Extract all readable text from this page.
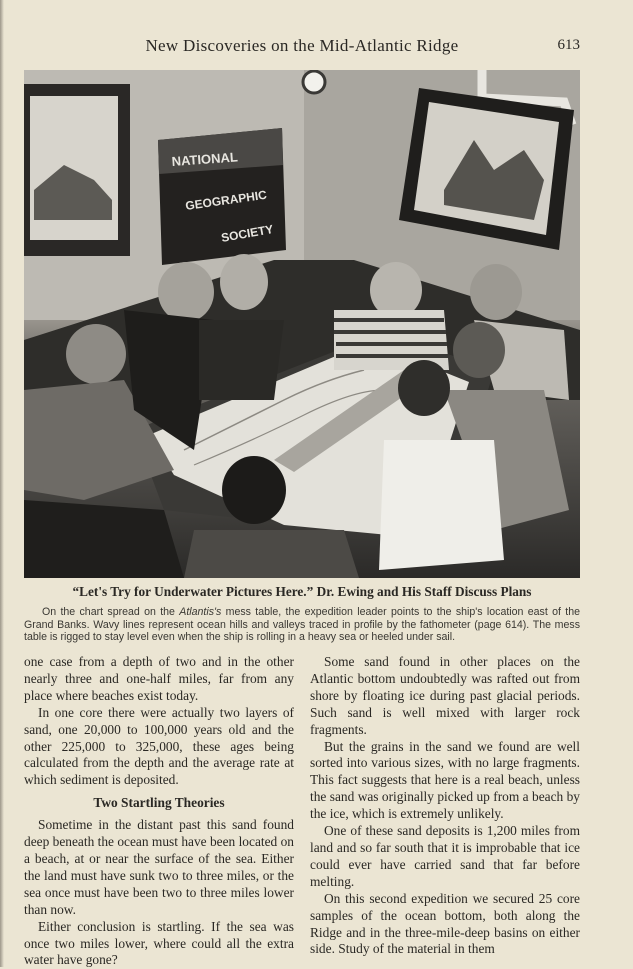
New Discoveries on the Mid-Atlantic Ridge	613
NATIONAL
GEOGRAPHIC
SOCIETY

“Let's Try for Underwater Pictures Here.” Dr. Ewing and His Staff Discuss Plans

On the chart spread on the Atlantis's mess table, the expedition leader points to the ship's location east of the Grand Banks. Wavy lines represent ocean hills and valleys traced in profile by the fathometer (page 614). The mess table is rigged to stay level even when the ship is rolling in a heavy sea or heeled under sail.

one case from a depth of two and in the other nearly three and one-half miles, far from any place where beaches exist today.

In one core there were actually two layers of sand, one 20,000 to 100,000 years old and the other 225,000 to 325,000, these ages being calculated from the depth and the average rate at which sediment is deposited.

Two Startling Theories

Sometime in the distant past this sand found deep beneath the ocean must have been located on a beach, at or near the surface of the sea. Either the land must have sunk two to three miles, or the sea once must have been two to three miles lower than now.

Either conclusion is startling. If the sea was once two miles lower, where could all the extra water have gone?

Some sand found in other places on the Atlantic bottom undoubtedly was rafted out from shore by floating ice during past glacial periods. Such sand is well mixed with larger rock fragments.

But the grains in the sand we found are well sorted into various sizes, with no large fragments. This fact suggests that here is a real beach, unless the sand was originally picked up from a beach by the ice, which is extremely unlikely.

One of these sand deposits is 1,200 miles from land and so far south that it is improbable that ice could ever have carried sand that far before melting.

On this second expedition we secured 25 core samples of the ocean bottom, both along the Ridge and in the three-mile-deep basins on either side. Study of the material in them
